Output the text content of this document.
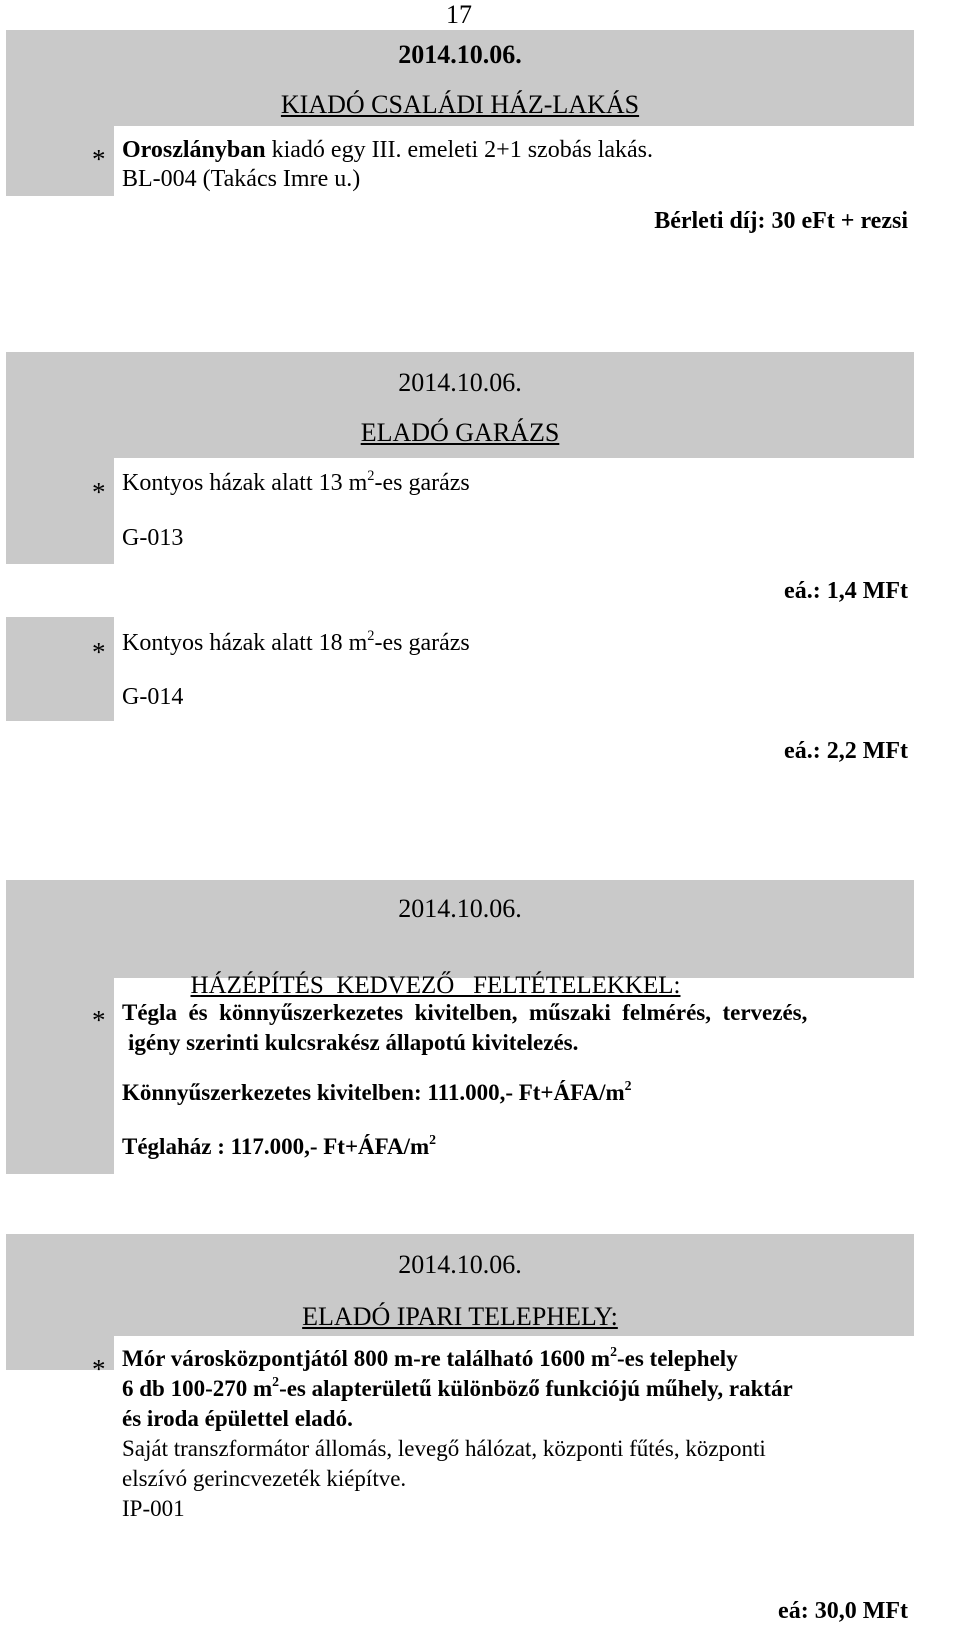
17
2014.10.06.
KIADÓ CSALÁDI HÁZ-LAKÁS
* Oroszlányban kiadó egy III. emeleti 2+1 szobás lakás.
BL-004 (Takács Imre u.)
Bérleti díj: 30 eFt + rezsi
2014.10.06.
ELADÓ GARÁZS
* Kontyos házak alatt 13 $m^2-es$ garázs
G-013
eá.: 1,4 MFt
* Kontyos házak alatt 18 $m^2-es$ garázs
G-014
eá.: 2,2 MFt
2014.10.06.

HÁZÉPÍTÉS  KEDVEZŐ   FELTÉTELEKKEL:

* Tégla  és  könnyűszerkezetes  kivitelben,  műszaki  felmérés,  tervezés,
igény szerinti kulcsrakész állapotú kivitelezés.
Könnyűszerkezetes kivitelben: 111.000,- $Ft+ÁFA/m^2$
Téglaház : 117.000,- $Ft+ÁFA/m^2$
2014.10.06.
ELADÓ IPARI TELEPHELY:
* Mór városközpontjától 800 m-re található 1600 $m^2-es$ telephely
6 db 100-270 $m^2-es$ alapterületű különböző funkciójú műhely, raktár
és iroda épülettel eladó.
Saját transzformátor állomás, levegő hálózat, központi fűtés, központi
elszívó gerincvezeték kiépítve.
IP-001
eá: 30,0 MFt
